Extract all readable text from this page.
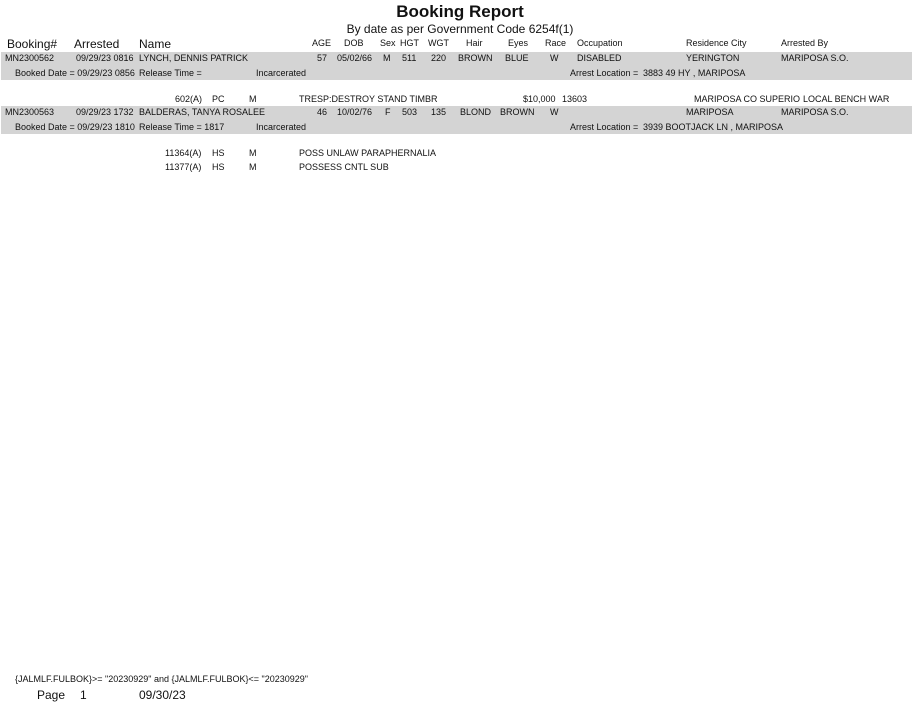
Booking Report
By date as per Government Code 6254f(1)
Booking# Arrested Name	AGE DOB Sex HGT WGT Hair	Eyes Race Occupation	Residence City	Arrested By
MN2300562 09/29/23 0816 LYNCH, DENNIS PATRICK	57 05/02/66 M 511 220 BROWN BLUE W DISABLED	YERINGTON	MARIPOSA S.O.
Booked Date = 09/29/23 0856 Release Time =	Incarcerated	Arrest Location = 3883 49 HY , MARIPOSA
602(A) PC	M	TRESP:DESTROY STAND TIMBR	$10,000 13603	MARIPOSA CO SUPERIO LOCAL BENCH WAR
MN2300563 09/29/23 1732 BALDERAS, TANYA ROSALEE	46 10/02/76 F 503 135 BLOND BROWN W	MARIPOSA	MARIPOSA S.O.
Booked Date = 09/29/23 1810 Release Time = 1817	Incarcerated	Arrest Location = 3939 BOOTJACK LN , MARIPOSA
11364(A) HS	M	POSS UNLAW PARAPHERNALIA
11377(A) HS	M	POSSESS CNTL SUB
{JALMLF.FULBOK}>= "20230929" and {JALMLF.FULBOK}<= "20230929"
Page 1	09/30/23
